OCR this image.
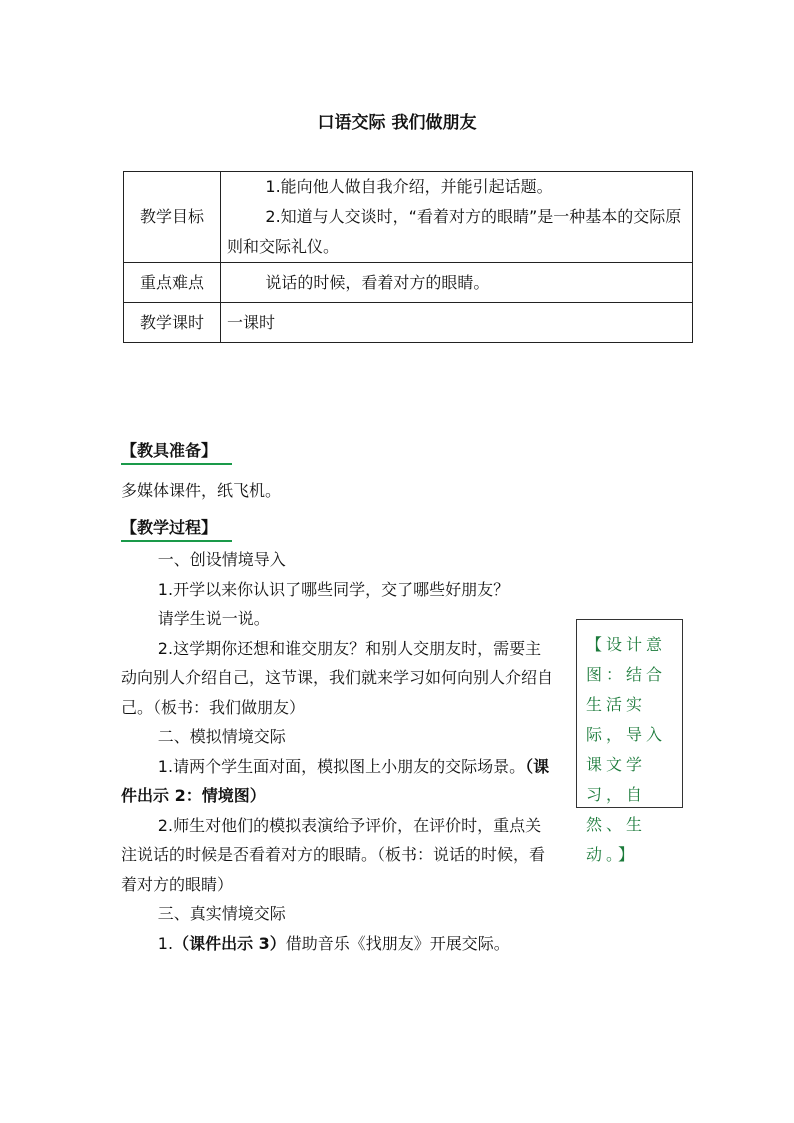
口语交际 我们做朋友
教学目标	1.能向他人做自我介绍，并能引起话题。
2.知道与人交谈时，“看着对方的眼睛”是一种基本的交际原则和交际礼仪。

重点难点	说话的时候，看着对方的眼睛。
教学课时	一课时
【教具准备】
多媒体课件，纸飞机。
【教学过程】

一、创设情境导入

1.开学以来你认识了哪些同学，交了哪些好朋友？

请学生说一说。

2.这学期你还想和谁交朋友？和别人交朋友时，需要主动向别人介绍自己，这节课，我们就来学习如何向别人介绍自己。（板书：我们做朋友）

二、模拟情境交际

1.请两个学生面对面，模拟图上小朋友的交际场景。（课件出示 2：情境图）

2.师生对他们的模拟表演给予评价，在评价时，重点关注说话的时候是否看着对方的眼睛。（板书：说话的时候，看着对方的眼睛）

三、真实情境交际

1.（课件出示 3）借助音乐《找朋友》开展交际。

【设计意图：结合生活实际，导入课文学习，自然、生动。】
